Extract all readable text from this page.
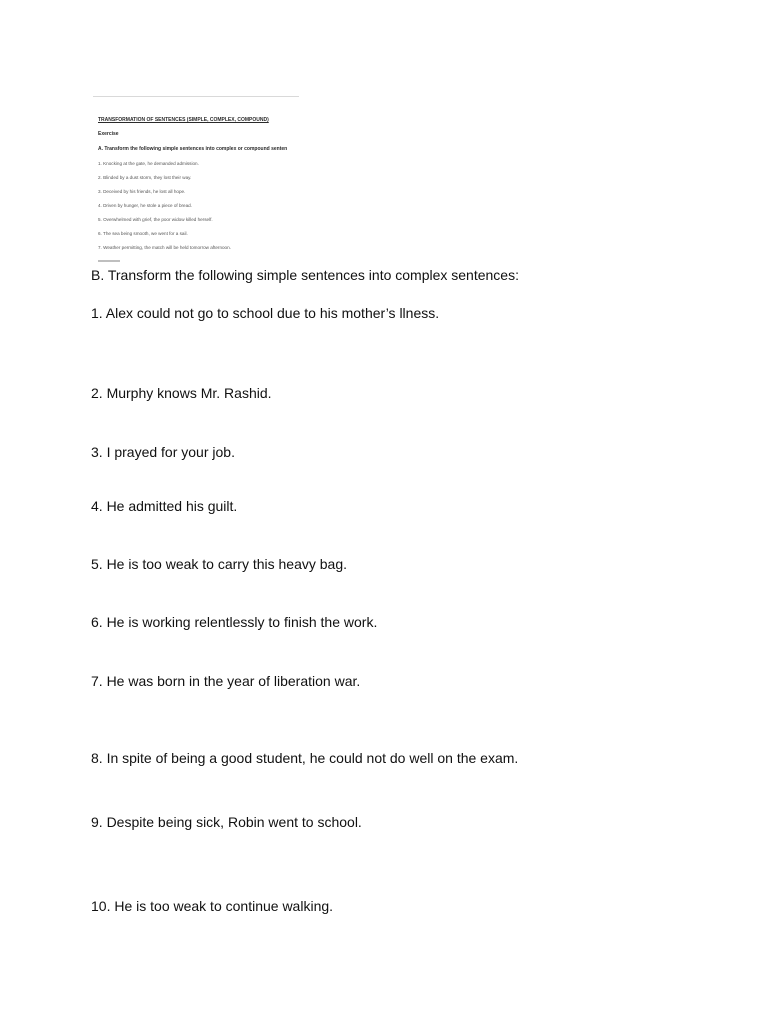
TRANSFORMATION OF SENTENCES (SIMPLE, COMPLEX, COMPOUND)
Exercise
A. Transform the following simple sentences into complex or compound senten
1. Knocking at the gate, he demanded admission.
2. Blinded by a dust storm, they lost their way.
3. Deceived by his friends, he lost all hope.
4. Driven by hunger, he stole a piece of bread.
5. Overwhelmed with grief, the poor widow killed herself.
6. The sea being smooth, we went for a sail.
7. Weather permitting, the match will be held tomorrow afternoon.

B. Transform the following simple sentences into complex sentences:

1. Alex could not go to school due to his mother’s llness.

2. Murphy knows Mr. Rashid.

3. I prayed for your job.

4. He admitted his guilt.

5. He is too weak to carry this heavy bag.

6. He is working relentlessly to finish the work.

7. He was born in the year of liberation war.

8. In spite of being a good student, he could not do well on the exam.

9. Despite being sick, Robin went to school.

10. He is too weak to continue walking.
